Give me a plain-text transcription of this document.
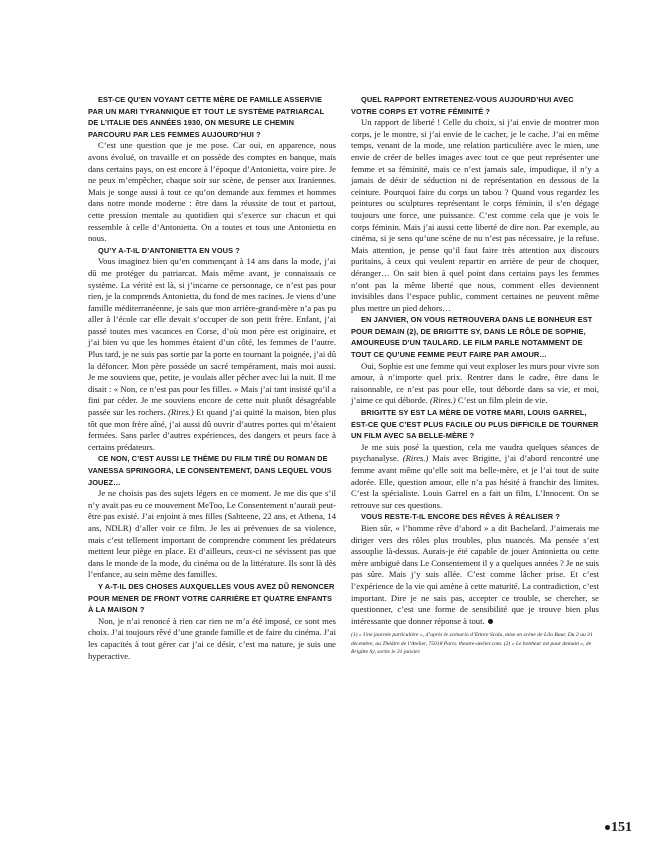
EST-CE QU’EN VOYANT CETTE MÈRE DE FAMILLE ASSERVIE PAR UN MARI TYRANNIQUE ET TOUT LE SYSTÈME PATRIARCAL DE L’ITALIE DES ANNÉES 1930, ON MESURE LE CHEMIN PARCOURU PAR LES FEMMES AUJOURD’HUI ?

C’est une question que je me pose. Car oui, en apparence, nous avons évolué, on travaille et on possède des comptes en banque, mais dans certains pays, on est encore à l’époque d’Antonietta, voire pire. Je ne peux m’empêcher, chaque soir sur scène, de penser aux Iraniennes. Mais je songe aussi à tout ce qu’on demande aux femmes et hommes dans notre monde moderne : être dans la réussite de tout et partout, cette pression mentale au quotidien qui s’exerce sur chacun et qui ressemble à celle d’Antonietta. On a toutes et tous une Antonietta en nous.

QU’Y A-T-IL D’ANTONIETTA EN VOUS ?

Vous imaginez bien qu’en commençant à 14 ans dans la mode, j’ai dû me protéger du patriarcat. Mais même avant, je connaissais ce système. La vérité est là, si j’incarne ce personnage, ce n’est pas pour rien, je la comprends Antonietta, du fond de mes racines. Je viens d’une famille méditerranéenne, je sais que mon arrière-grand-mère n’a pas pu aller à l’école car elle devait s’occuper de son petit frère. Enfant, j’ai passé toutes mes vacances en Corse, d’où mon père est originaire, et j’ai bien vu que les hommes étaient d’un côté, les femmes de l’autre. Plus tard, je ne suis pas sortie par la porte en tournant la poignée, j’ai dû la défoncer. Mon père possède un sacré tempérament, mais moi aussi. Je me souviens que, petite, je voulais aller pêcher avec lui la nuit. Il me disait : « Non, ce n’est pas pour les filles. » Mais j’ai tant insisté qu’il a fini par céder. Je me souviens encore de cette nuit plutôt désagréable passée sur les rochers. (Rires.) Et quand j’ai quitté la maison, bien plus tôt que mon frère aîné, j’ai aussi dû ouvrir d’autres portes qui m’étaient fermées. Sans parler d’autres expériences, des dangers et peurs face à certains prédateurs.

CE NON, C’EST AUSSI LE THÈME DU FILM TIRÉ DU ROMAN DE VANESSA SPRINGORA, LE CONSENTEMENT, DANS LEQUEL VOUS JOUEZ…

Je ne choisis pas des sujets légers en ce moment. Je me dis que s’il n’y avait pas eu ce mouvement MeToo, Le Consentement n’aurait peut-être pas existé. J’ai enjoint à mes filles (Sahteene, 22 ans, et Athena, 14 ans, NDLR) d’aller voir ce film. Je les ai prévenues de sa violence, mais c’est tellement important de comprendre comment les prédateurs mettent leur piège en place. Et d’ailleurs, ceux-ci ne sévissent pas que dans le monde de la mode, du cinéma ou de la littérature. Ils sont là dès l’enfance, au sein même des familles.

Y A-T-IL DES CHOSES AUXQUELLES VOUS AVEZ DÛ RENONCER POUR MENER DE FRONT VOTRE CARRIÈRE ET QUATRE ENFANTS À LA MAISON ?

Non, je n’ai renoncé à rien car rien ne m’a été imposé, ce sont mes choix. J’ai toujours rêvé d’une grande famille et de faire du cinéma. J’ai les capacités à tout gérer car j’ai ce désir, c’est ma nature, je suis une hyperactive.

QUEL RAPPORT ENTRETENEZ-VOUS AUJOURD’HUI AVEC VOTRE CORPS ET VOTRE FÉMINITÉ ?

Un rapport de liberté ! Celle du choix, si j’ai envie de montrer mon corps, je le montre, si j’ai envie de le cacher, je le cache. J’ai en même temps, venant de la mode, une relation particulière avec le mien, une envie de créer de belles images avec tout ce que peut représenter une femme et sa féminité, mais ce n’est jamais sale, impudique, il n’y a jamais de désir de séduction ni de représentation en dessous de la ceinture. Pourquoi faire du corps un tabou ? Quand vous regardez les peintures ou sculptures représentant le corps féminin, il s’en dégage toujours une force, une puissance. C’est comme cela que je vois le corps féminin. Mais j’ai aussi cette liberté de dire non. Par exemple, au cinéma, si je sens qu’une scène de nu n’est pas nécessaire, je la refuse. Mais attention, je pense qu’il faut faire très attention aux discours puritains, à ceux qui veulent repartir en arrière de peur de choquer, déranger… On sait bien à quel point dans certains pays les femmes n’ont pas la même liberté que nous, comment elles deviennent invisibles dans l’espace public, comment certaines ne peuvent même plus mettre un pied dehors…

EN JANVIER, ON VOUS RETROUVERA DANS LE BONHEUR EST POUR DEMAIN (2), DE BRIGITTE SY, DANS LE RÔLE DE SOPHIE, AMOUREUSE D’UN TAULARD. LE FILM PARLE NOTAMMENT DE TOUT CE QU’UNE FEMME PEUT FAIRE PAR AMOUR…

Oui, Sophie est une femme qui veut exploser les murs pour vivre son amour, à n’importe quel prix. Rentrer dans le cadre, être dans le raisonnable, ce n’est pas pour elle, tout déborde dans sa vie, et moi, j’aime ce qui déborde. (Rires.) C’est un film plein de vie.

BRIGITTE SY EST LA MÈRE DE VOTRE MARI, LOUIS GARREL, EST-CE QUE C’EST PLUS FACILE OU PLUS DIFFICILE DE TOURNER UN FILM AVEC SA BELLE-MÈRE ?

Je me suis posé la question, cela me vaudra quelques séances de psychanalyse. (Rires.) Mais avec Brigitte, j’ai d’abord rencontré une femme avant même qu’elle soit ma belle-mère, et je l’ai tout de suite adorée. Elle, question amour, elle n’a pas hésité à franchir des limites. C’est la spécialiste. Louis Garrel en a fait un film, L’Innocent. On se retrouve sur ces questions.

VOUS RESTE-T-IL ENCORE DES RÊVES À RÉALISER ?

Bien sûr, « l’homme rêve d’abord » a dit Bachelard. J’aimerais me diriger vers des rôles plus troubles, plus nuancés. Ma pensée s’est assouplie là-dessus. Aurais-je été capable de jouer Antonietta ou cette mère ambiguë dans Le Consentement il y a quelques années ? Je ne suis pas sûre. Mais j’y suis allée. C’est comme lâcher prise. Et c’est l’expérience de la vie qui amène à cette maturité. La contradiction, c’est important. Dire je ne sais pas, accepter ce trouble, se chercher, se questionner, c’est une forme de sensibilité que je trouve bien plus intéressante que donner réponse à tout.

(1) « Une journée particulière », d’après le scénario d’Ettore Scola, mise en scène de Lilo Baur. Du 2 au 31 décembre, au Théâtre de l’Atelier, 75018 Paris. theatre-atelier.com. (2) « Le bonheur est pour demain », de Brigitte Sy, sortie le 31 janvier.

151
